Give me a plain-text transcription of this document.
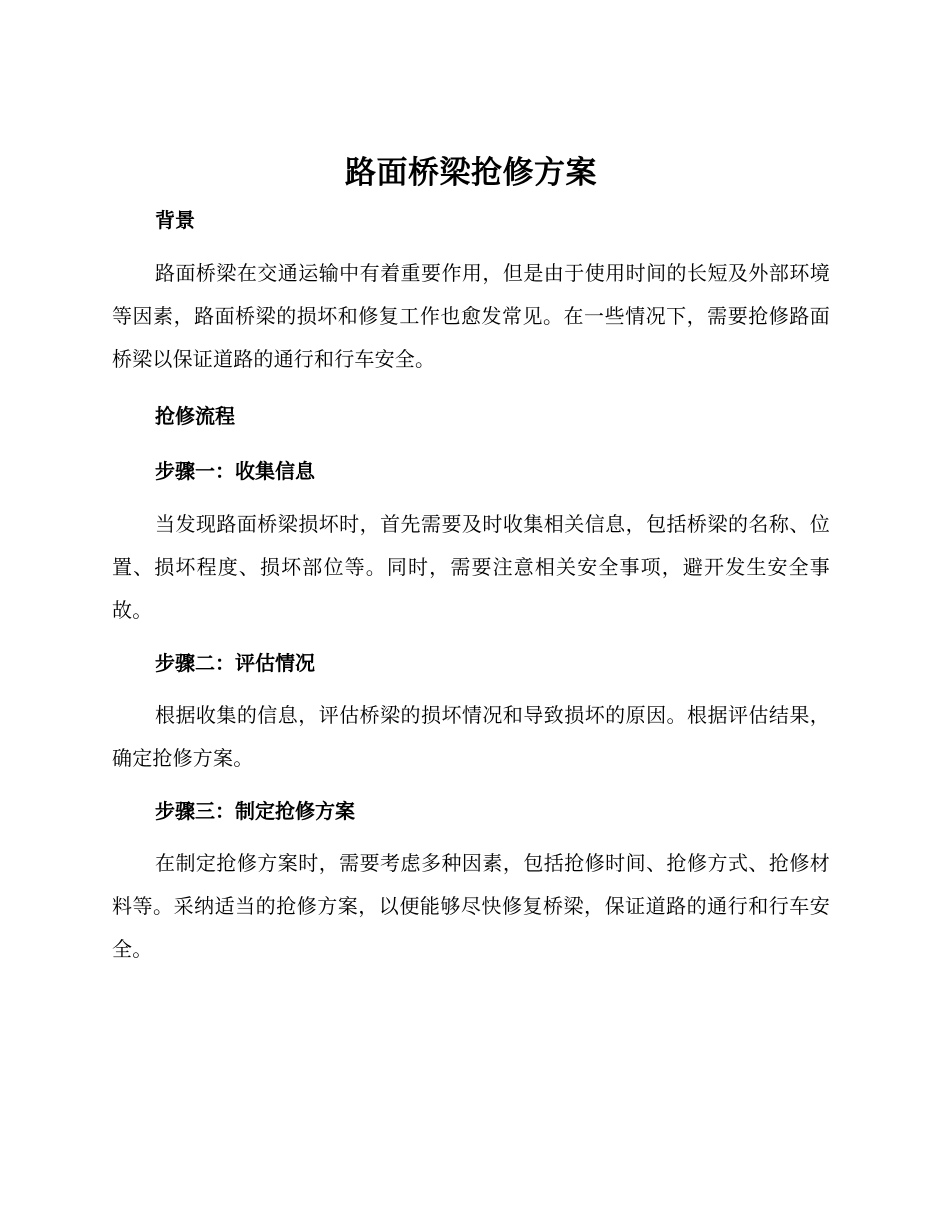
路面桥梁抢修方案
背景

路面桥梁在交通运输中有着重要作用，但是由于使用时间的长短及外部环境等因素，路面桥梁的损坏和修复工作也愈发常见。在一些情况下，需要抢修路面桥梁以保证道路的通行和行车安全。

抢修流程
步骤一：收集信息

当发现路面桥梁损坏时，首先需要及时收集相关信息，包括桥梁的名称、位置、损坏程度、损坏部位等。同时，需要注意相关安全事项，避开发生安全事故。

步骤二：评估情况

根据收集的信息，评估桥梁的损坏情况和导致损坏的原因。根据评估结果，确定抢修方案。

步骤三：制定抢修方案

在制定抢修方案时，需要考虑多种因素，包括抢修时间、抢修方式、抢修材料等。采纳适当的抢修方案，以便能够尽快修复桥梁，保证道路的通行和行车安全。
